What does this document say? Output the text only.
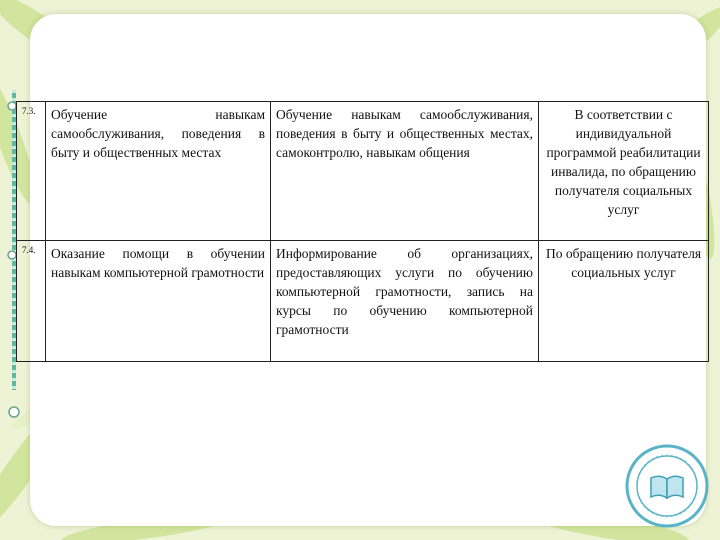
7.3.	Обучение навыкам самообслуживания, поведения в быту и общественных местах	Обучение навыкам самообслуживания, поведения в быту и общественных местах, самоконтролю, навыкам общения	В соответствии с индивидуальной программой реабилитации инвалида, по обращению получателя социальных услуг
7.4.	Оказание помощи в обучении навыкам компьютерной грамотности	Информирование об организациях, предоставляющих услуги по обучению компьютерной грамотности, запись на курсы по обучению компьютерной грамотности	По обращению получателя социальных услуг
